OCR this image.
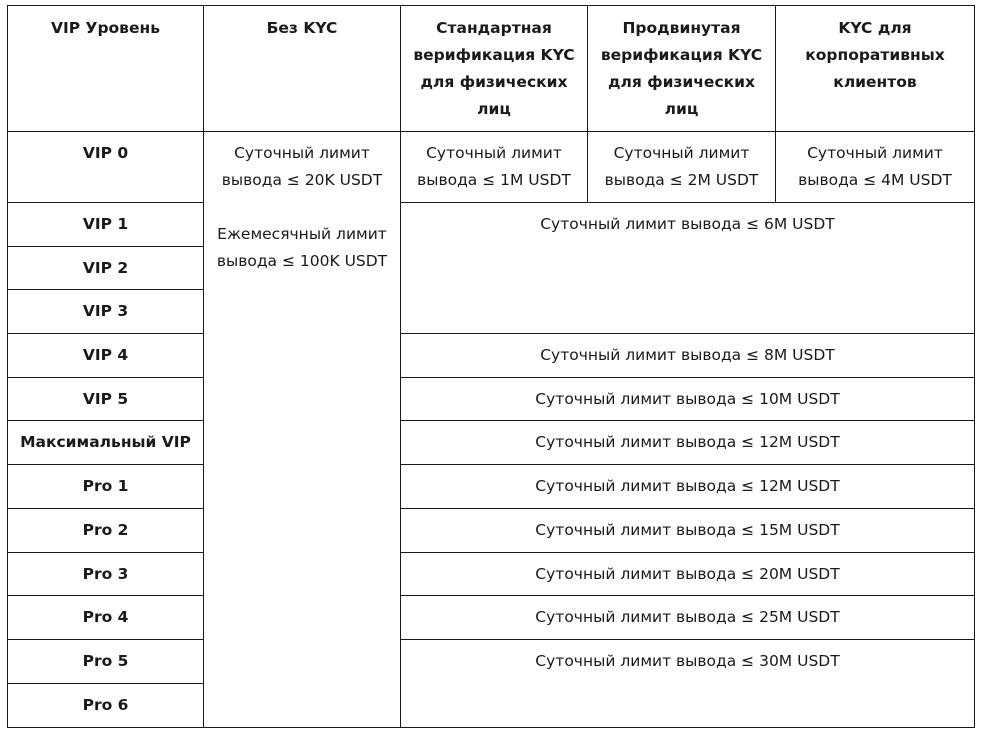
VIP Уровень	Без KYC	Стандартная
верификация KYC
для физических
лиц	Продвинутая
верификация KYC
для физических
лиц	KYC для
корпоративных
клиентов

VIP 0	Суточный лимит
вывода ≤ 20K USDT
Ежемесячный лимит
вывода ≤ 100K USDT	Суточный лимит
вывода ≤ 1M USDT	Суточный лимит
вывода ≤ 2M USDT	Суточный лимит
вывода ≤ 4M USDT

VIP 1		Суточный лимит вывода ≤ 6M USDT		
VIP 2				
VIP 3				
VIP 4		Суточный лимит вывода ≤ 8M USDT		
VIP 5		Суточный лимит вывода ≤ 10M USDT		
Максимальный VIP		Суточный лимит вывода ≤ 12M USDT		
Pro 1		Суточный лимит вывода ≤ 12M USDT		
Pro 2		Суточный лимит вывода ≤ 15M USDT		
Pro 3		Суточный лимит вывода ≤ 20M USDT		
Pro 4		Суточный лимит вывода ≤ 25M USDT		
Pro 5		Суточный лимит вывода ≤ 30M USDT		
Pro 6				
